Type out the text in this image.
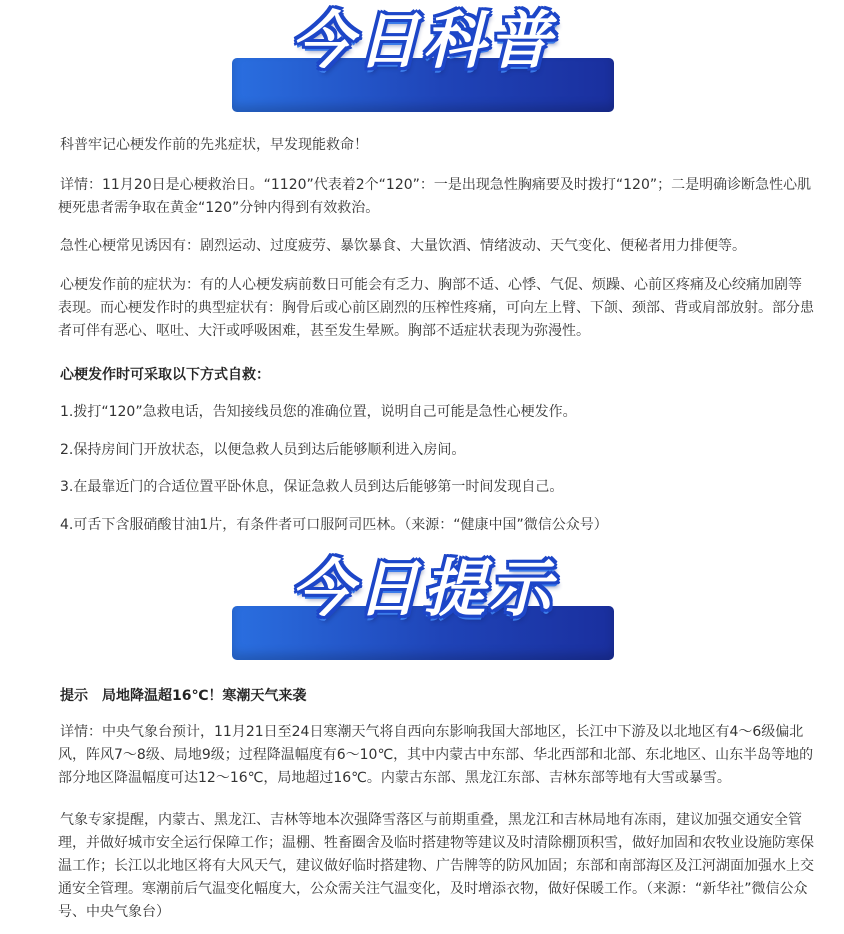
今日科普

科普牢记心梗发作前的先兆症状，早发现能救命！

详情：11月20日是心梗救治日。“1120”代表着2个“120”：一是出现急性胸痛要及时拨打“120”；二是明确诊断急性心肌梗死患者需争取在黄金“120”分钟内得到有效救治。

急性心梗常见诱因有：剧烈运动、过度疲劳、暴饮暴食、大量饮酒、情绪波动、天气变化、便秘者用力排便等。

心梗发作前的症状为：有的人心梗发病前数日可能会有乏力、胸部不适、心悸、气促、烦躁、心前区疼痛及心绞痛加剧等表现。而心梗发作时的典型症状有：胸骨后或心前区剧烈的压榨性疼痛，可向左上臂、下颌、颈部、背或肩部放射。部分患者可伴有恶心、呕吐、大汗或呼吸困难，甚至发生晕厥。胸部不适症状表现为弥漫性。

心梗发作时可采取以下方式自救：

1.拨打“120”急救电话，告知接线员您的准确位置，说明自己可能是急性心梗发作。

2.保持房间门开放状态，以便急救人员到达后能够顺利进入房间。

3.在最靠近门的合适位置平卧休息，保证急救人员到达后能够第一时间发现自己。

4.可舌下含服硝酸甘油1片，有条件者可口服阿司匹林。（来源：“健康中国”微信公众号）

今日提示

提示　局地降温超16℃！寒潮天气来袭

详情：中央气象台预计，11月21日至24日寒潮天气将自西向东影响我国大部地区，长江中下游及以北地区有4～6级偏北风，阵风7～8级、局地9级；过程降温幅度有6～10℃，其中内蒙古中东部、华北西部和北部、东北地区、山东半岛等地的部分地区降温幅度可达12～16℃，局地超过16℃。内蒙古东部、黑龙江东部、吉林东部等地有大雪或暴雪。

气象专家提醒，内蒙古、黑龙江、吉林等地本次强降雪落区与前期重叠，黑龙江和吉林局地有冻雨，建议加强交通安全管理，并做好城市安全运行保障工作；温棚、牲畜圈舍及临时搭建物等建议及时清除棚顶积雪，做好加固和农牧业设施防寒保温工作；长江以北地区将有大风天气，建议做好临时搭建物、广告牌等的防风加固；东部和南部海区及江河湖面加强水上交通安全管理。寒潮前后气温变化幅度大，公众需关注气温变化，及时增添衣物，做好保暖工作。（来源：“新华社”微信公众号、中央气象台）
